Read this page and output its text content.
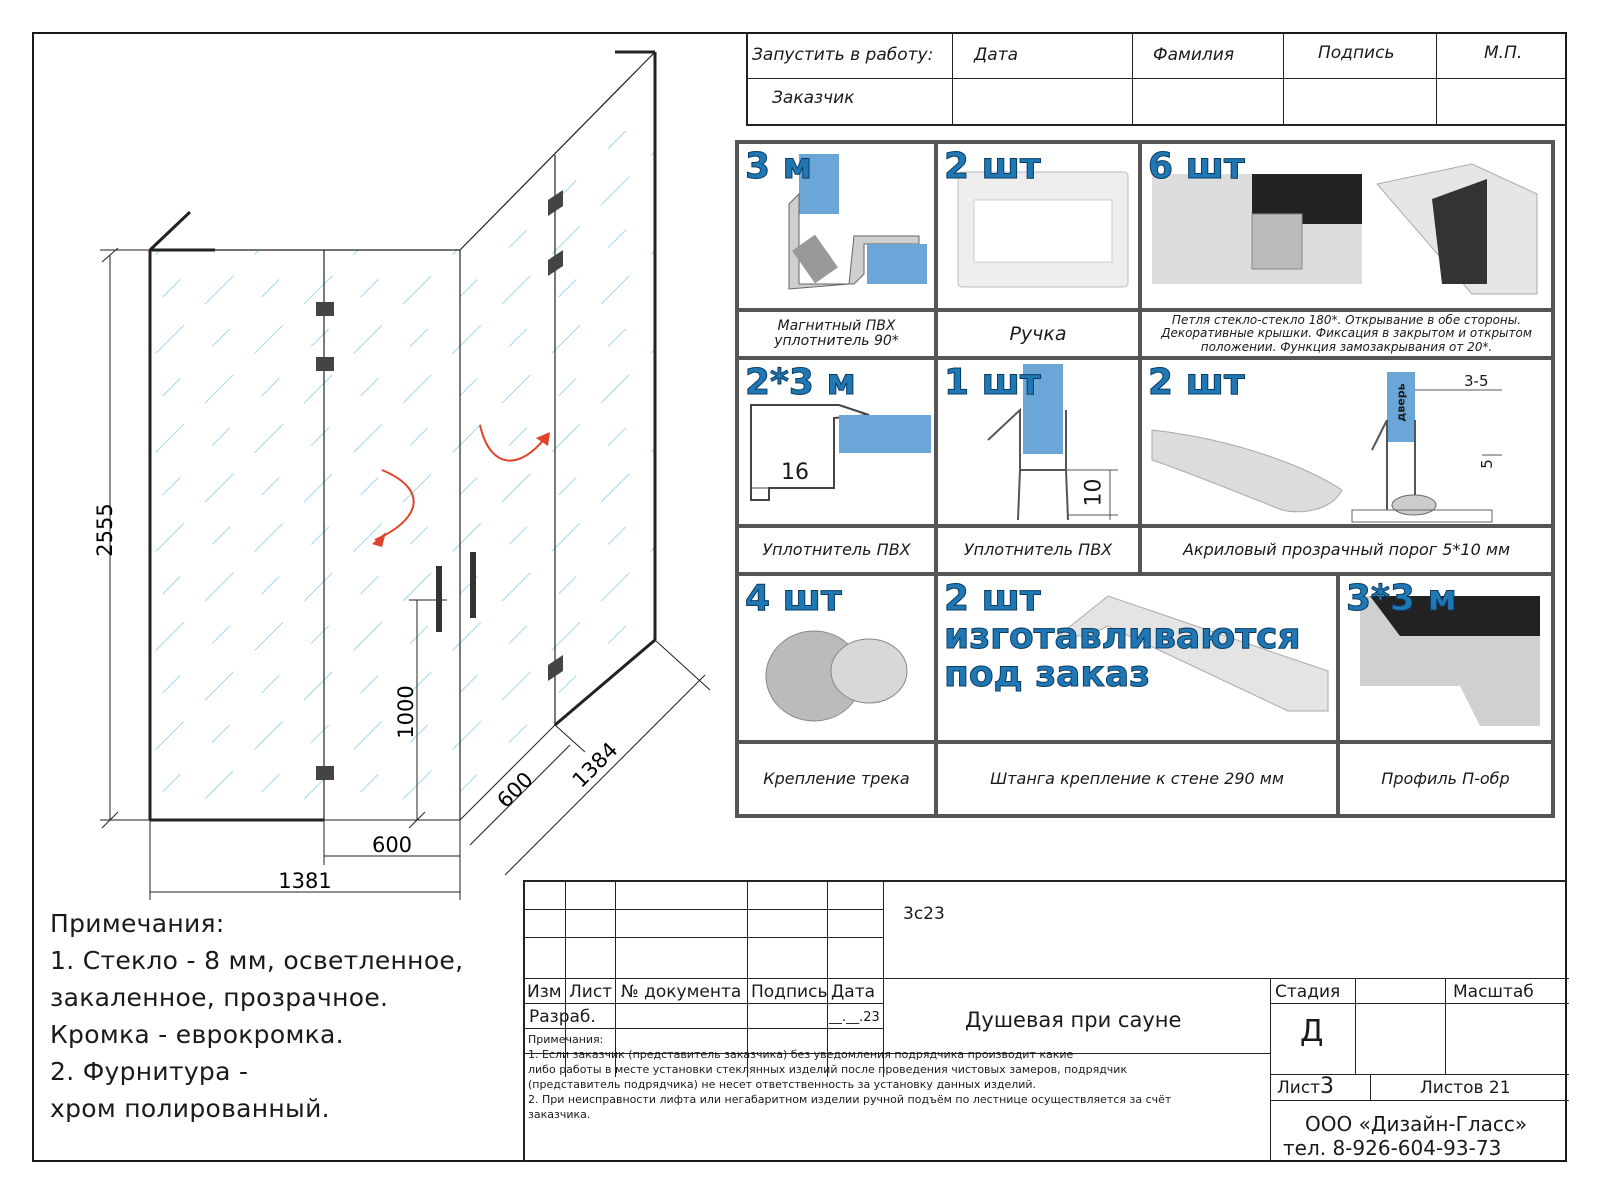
2555
1000
600
1381
600 1384
Запустить в работу: Дата	Фамилия	Подпись	М.П.
Заказчик
3 м	2 шт	6 шт
Магнитный ПВХ уплотнитель 90*	Ручка
Петля стекло-стекло 180*. Открывание в обе стороны. Декоративные крышки. Фиксация в закрытом и открытом положении. Функция замозакрывания от 20*.
2*3 м
16
1 шт
10
2 шт	3-5
5
дверь
Уплотнитель ПВХ	Уплотнитель ПВХ	Акриловый прозрачный порог 5*10 мм
4 шт	2 шт изготавливаются под заказ
3*3 м
Крепление трека	Штанга крепление к стене 290 мм	Профиль П-обр
Примечания:
1. Стекло - 8 мм, осветленное,
закаленное, прозрачное.
Кромка - еврокромка.
2. Фурнитура -
хром полированный.
3с23
Изм Лист № документа Подпись Дата
Разраб.	__.__.23	Душевая при сауне
Стадия	Масштаб
Д
Лист 3	Листов 21
ООО «Дизайн-Гласс»
тел. 8-926-604-93-73
Примечания:
1. Если заказчик (представитель заказчика) без уведомления подрядчика производит какие
либо работы в месте установки стеклянных изделий после проведения чистовых замеров, подрядчик
(представитель подрядчика) не несет ответственность за установку данных изделий.
2. При неисправности лифта или негабаритном изделии ручной подъём по лестнице осуществляется за счёт
заказчика.
